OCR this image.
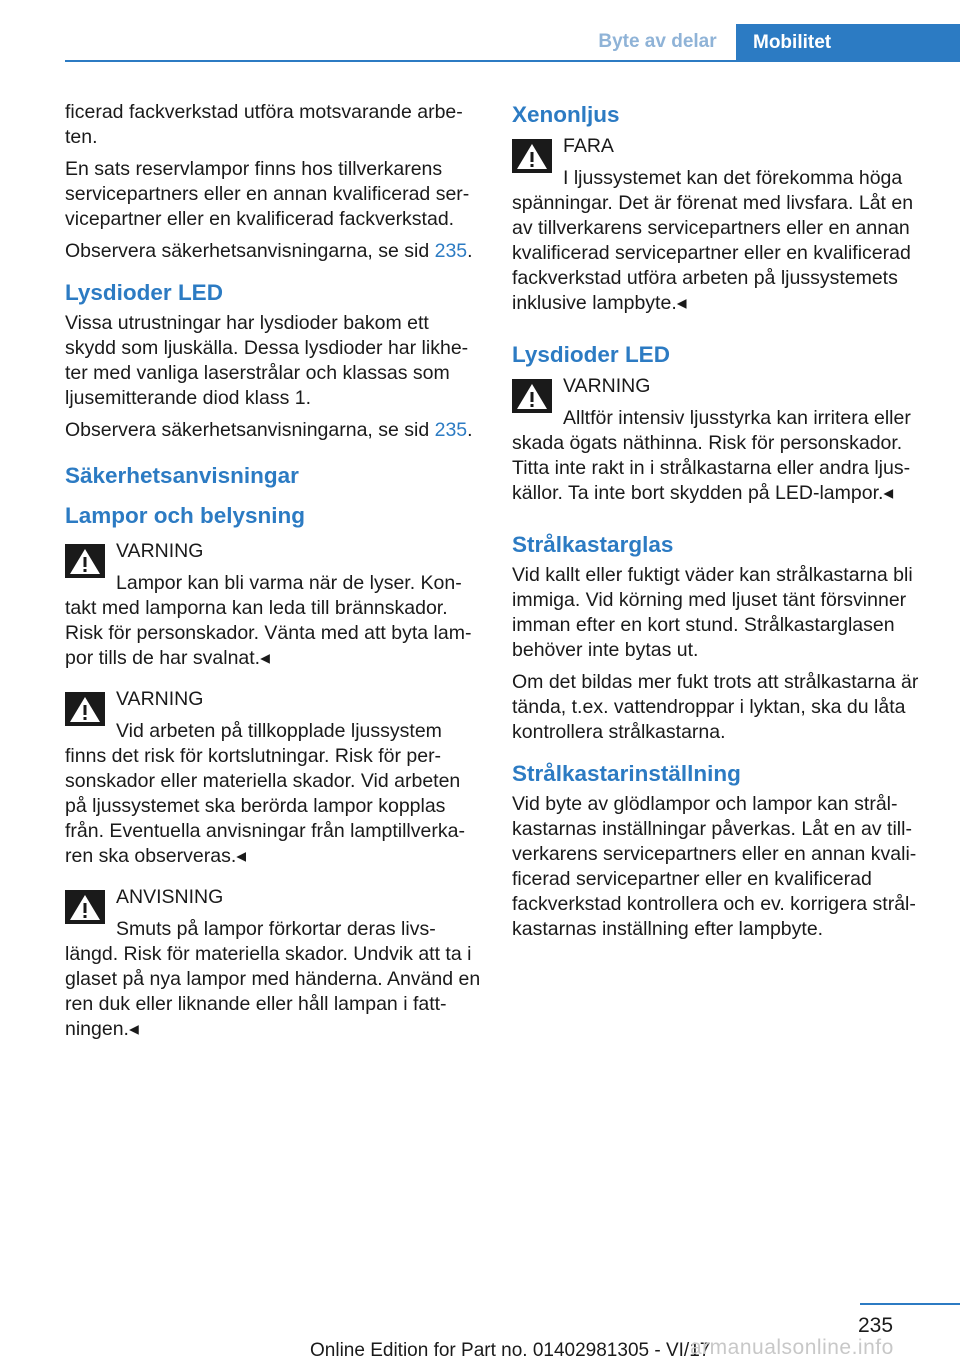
Byte av delar	Mobilitet

ficerad fackverkstad utföra motsvarande arbe-ten.

En sats reservlampor finns hos tillverkarens servicepartners eller en annan kvalificerad ser-vicepartner eller en kvalificerad fackverkstad.

Observera säkerhetsanvisningarna, se sid 235.

Lysdioder LED

Vissa utrustningar har lysdioder bakom ett skydd som ljuskälla. Dessa lysdioder har likhe-ter med vanliga laserstrålar och klassas som ljusemitterande diod klass 1.

Observera säkerhetsanvisningarna, se sid 235.

Säkerhetsanvisningar
Lampor och belysning

VARNING

Lampor kan bli varma när de lyser. Kon-takt med lamporna kan leda till brännskador. Risk för personskador. Vänta med att byta lam-por tills de har svalnat.◂

VARNING

Vid arbeten på tillkopplade ljussystem finns det risk för kortslutningar. Risk för per-sonskador eller materiella skador. Vid arbeten på ljussystemet ska berörda lampor kopplas från. Eventuella anvisningar från lamptillverka-ren ska observeras.◂

ANVISNING

Smuts på lampor förkortar deras livs-längd. Risk för materiella skador. Undvik att ta i glaset på nya lampor med händerna. Använd en ren duk eller liknande eller håll lampan i fatt-ningen.◂

Xenonljus

FARA

I ljussystemet kan det förekomma höga spänningar. Det är förenat med livsfara. Låt en av tillverkarens servicepartners eller en annan kvalificerad servicepartner eller en kvalificerad fackverkstad utföra arbeten på ljussystemets inklusive lampbyte.◂

Lysdioder LED

VARNING

Alltför intensiv ljusstyrka kan irritera eller skada ögats näthinna. Risk för personskador. Titta inte rakt in i strålkastarna eller andra ljus-källor. Ta inte bort skydden på LED-lampor.◂

Strålkastarglas

Vid kallt eller fuktigt väder kan strålkastarna bli immiga. Vid körning med ljuset tänt försvinner imman efter en kort stund. Strålkastarglasen behöver inte bytas ut.

Om det bildas mer fukt trots att strålkastarna är tända, t.ex. vattendroppar i lyktan, ska du låta kontrollera strålkastarna.

Strålkastarinställning

Vid byte av glödlampor och lampor kan strål-kastarnas inställningar påverkas. Låt en av till-verkarens servicepartners eller en annan kvali-ficerad servicepartner eller en kvalificerad fackverkstad kontrollera och ev. korrigera strål-kastarnas inställning efter lampbyte.

235
Online Edition for Part no. 01402981305 - VI/17
armanualsonline.info
